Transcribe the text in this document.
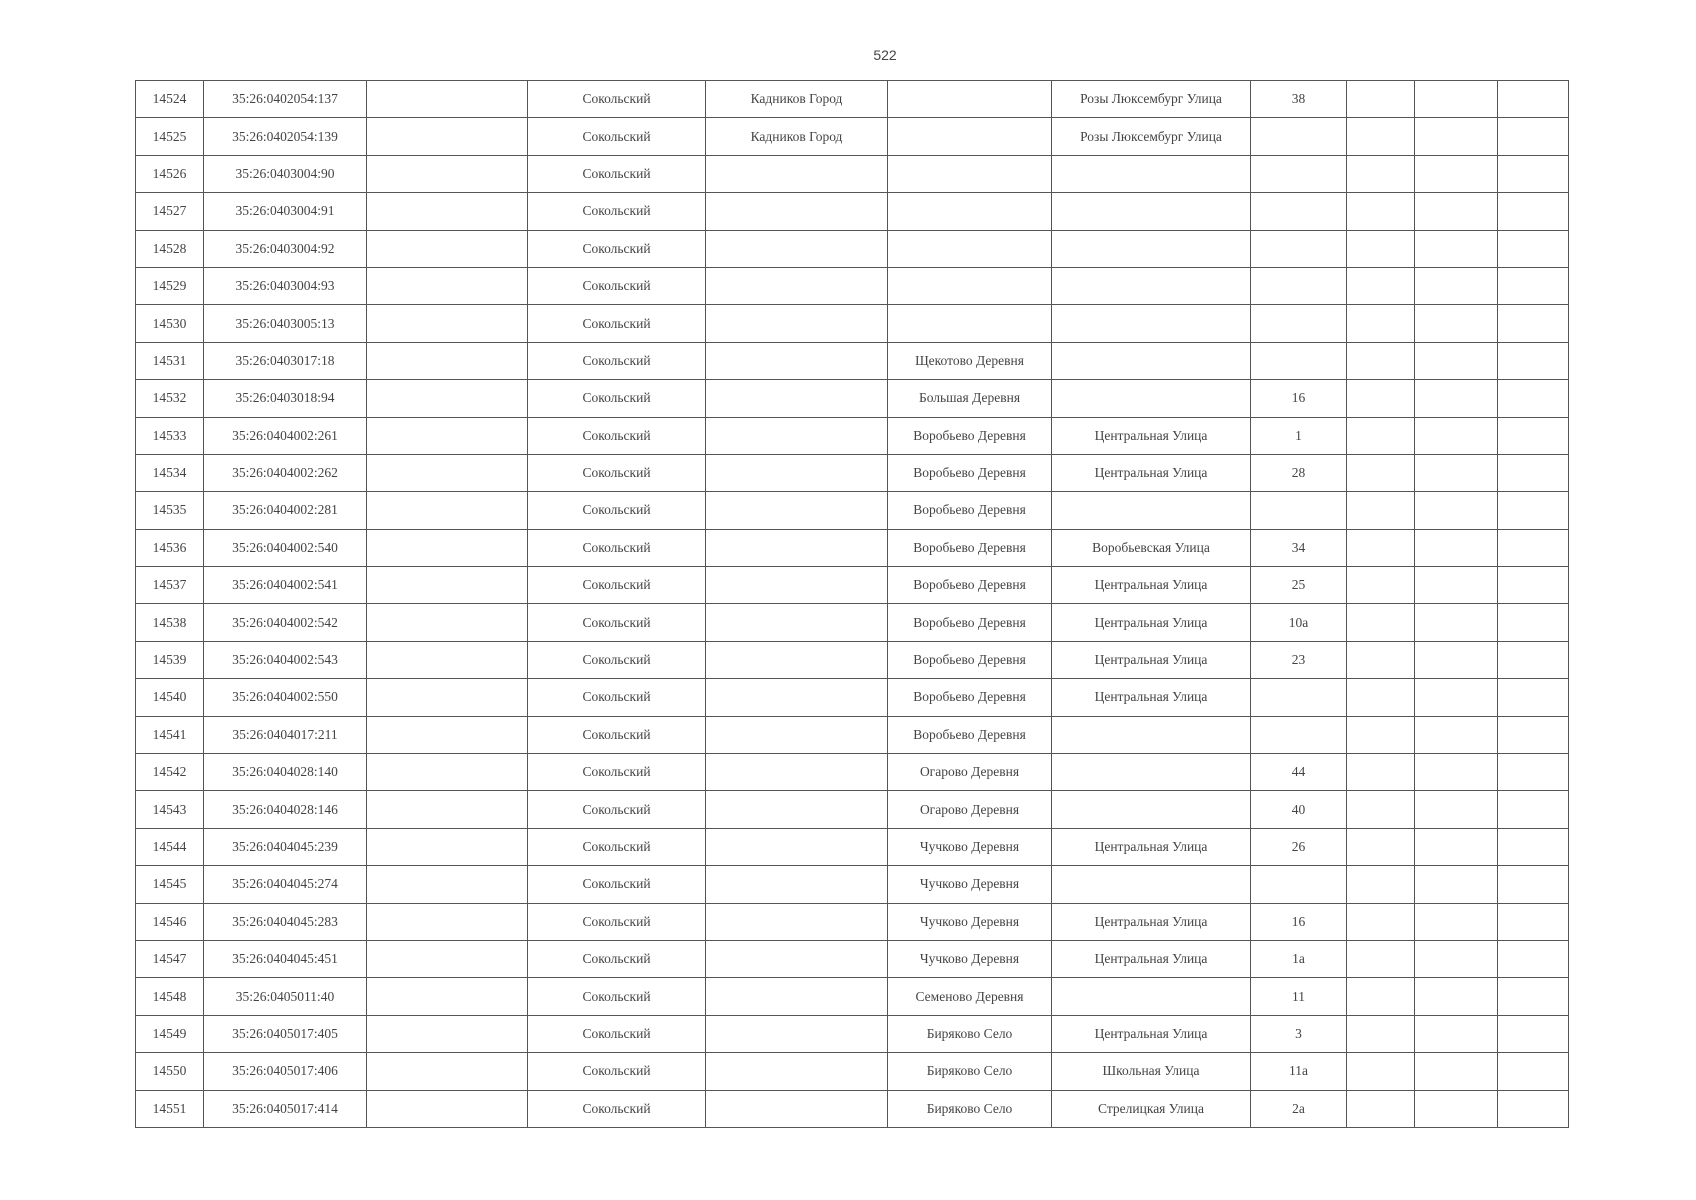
522
14524	35:26:0402054:137		Сокольский	Кадников Город		Розы Люксембург Улица	38			
14525	35:26:0402054:139		Сокольский	Кадников Город		Розы Люксембург Улица				
14526	35:26:0403004:90		Сокольский							
14527	35:26:0403004:91		Сокольский							
14528	35:26:0403004:92		Сокольский							
14529	35:26:0403004:93		Сокольский							
14530	35:26:0403005:13		Сокольский							
14531	35:26:0403017:18		Сокольский		Щекотово Деревня					
14532	35:26:0403018:94		Сокольский		Большая Деревня		16			
14533	35:26:0404002:261		Сокольский		Воробьево Деревня	Центральная Улица	1			
14534	35:26:0404002:262		Сокольский		Воробьево Деревня	Центральная Улица	28			
14535	35:26:0404002:281		Сокольский		Воробьево Деревня					
14536	35:26:0404002:540		Сокольский		Воробьево Деревня	Воробьевская Улица	34			
14537	35:26:0404002:541		Сокольский		Воробьево Деревня	Центральная Улица	25			
14538	35:26:0404002:542		Сокольский		Воробьево Деревня	Центральная Улица	10а			
14539	35:26:0404002:543		Сокольский		Воробьево Деревня	Центральная Улица	23			
14540	35:26:0404002:550		Сокольский		Воробьево Деревня	Центральная Улица				
14541	35:26:0404017:211		Сокольский		Воробьево Деревня					
14542	35:26:0404028:140		Сокольский		Огарово Деревня		44			
14543	35:26:0404028:146		Сокольский		Огарово Деревня		40			
14544	35:26:0404045:239		Сокольский		Чучково Деревня	Центральная Улица	26			
14545	35:26:0404045:274		Сокольский		Чучково Деревня					
14546	35:26:0404045:283		Сокольский		Чучково Деревня	Центральная Улица	16			
14547	35:26:0404045:451		Сокольский		Чучково Деревня	Центральная Улица	1а			
14548	35:26:0405011:40		Сокольский		Семеново Деревня		11			
14549	35:26:0405017:405		Сокольский		Биряково Село	Центральная Улица	3			
14550	35:26:0405017:406		Сокольский		Биряково Село	Школьная Улица	11а			
14551	35:26:0405017:414		Сокольский		Биряково Село	Стрелицкая Улица	2а			
